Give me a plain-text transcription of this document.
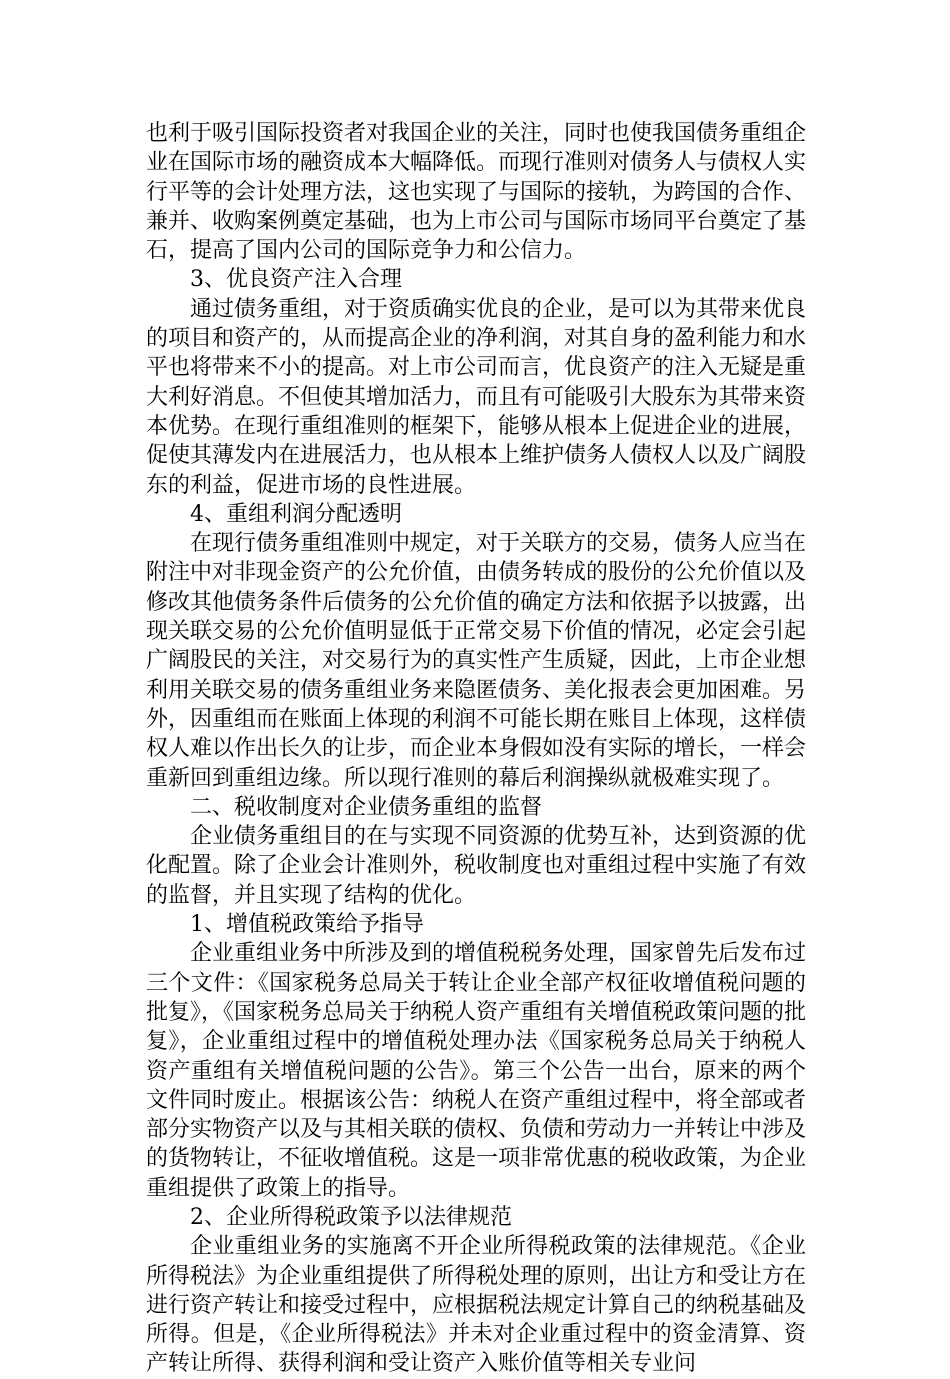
也利于吸引国际投资者对我国企业的关注，同时也使我国债务重组企业在国际市场的融资成本大幅降低。而现行准则对债务人与债权人实行平等的会计处理方法，这也实现了与国际的接轨，为跨国的合作、兼并、收购案例奠定基础，也为上市公司与国际市场同平台奠定了基石，提高了国内公司的国际竞争力和公信力。

3、优良资产注入合理

通过债务重组，对于资质确实优良的企业，是可以为其带来优良的项目和资产的，从而提高企业的净利润，对其自身的盈利能力和水平也将带来不小的提高。对上市公司而言，优良资产的注入无疑是重大利好消息。不但使其增加活力，而且有可能吸引大股东为其带来资本优势。在现行重组准则的框架下，能够从根本上促进企业的进展，促使其薄发内在进展活力，也从根本上维护债务人债权人以及广阔股东的利益，促进市场的良性进展。

4、重组利润分配透明

在现行债务重组准则中规定，对于关联方的交易，债务人应当在附注中对非现金资产的公允价值，由债务转成的股份的公允价值以及修改其他债务条件后债务的公允价值的确定方法和依据予以披露，出现关联交易的公允价值明显低于正常交易下价值的情况，必定会引起广阔股民的关注，对交易行为的真实性产生质疑，因此，上市企业想利用关联交易的债务重组业务来隐匿债务、美化报表会更加困难。另外，因重组而在账面上体现的利润不可能长期在账目上体现，这样债权人难以作出长久的让步，而企业本身假如没有实际的增长，一样会重新回到重组边缘。所以现行准则的幕后利润操纵就极难实现了。

二、税收制度对企业债务重组的监督

企业债务重组目的在与实现不同资源的优势互补，达到资源的优化配置。除了企业会计准则外，税收制度也对重组过程中实施了有效的监督，并且实现了结构的优化。

1、增值税政策给予指导

企业重组业务中所涉及到的增值税税务处理，国家曾先后发布过三个文件：《国家税务总局关于转让企业全部产权征收增值税问题的批复》，《国家税务总局关于纳税人资产重组有关增值税政策问题的批复》，企业重组过程中的增值税处理办法《国家税务总局关于纳税人资产重组有关增值税问题的公告》。第三个公告一出台，原来的两个文件同时废止。根据该公告：纳税人在资产重组过程中，将全部或者部分实物资产以及与其相关联的债权、负债和劳动力一并转让中涉及的货物转让，不征收增值税。这是一项非常优惠的税收政策，为企业重组提供了政策上的指导。

2、企业所得税政策予以法律规范

企业重组业务的实施离不开企业所得税政策的法律规范。《企业所得税法》为企业重组提供了所得税处理的原则，出让方和受让方在进行资产转让和接受过程中，应根据税法规定计算自己的纳税基础及所得。但是，《企业所得税法》并未对企业重过程中的资金清算、资产转让所得、获得利润和受让资产入账价值等相关专业问
